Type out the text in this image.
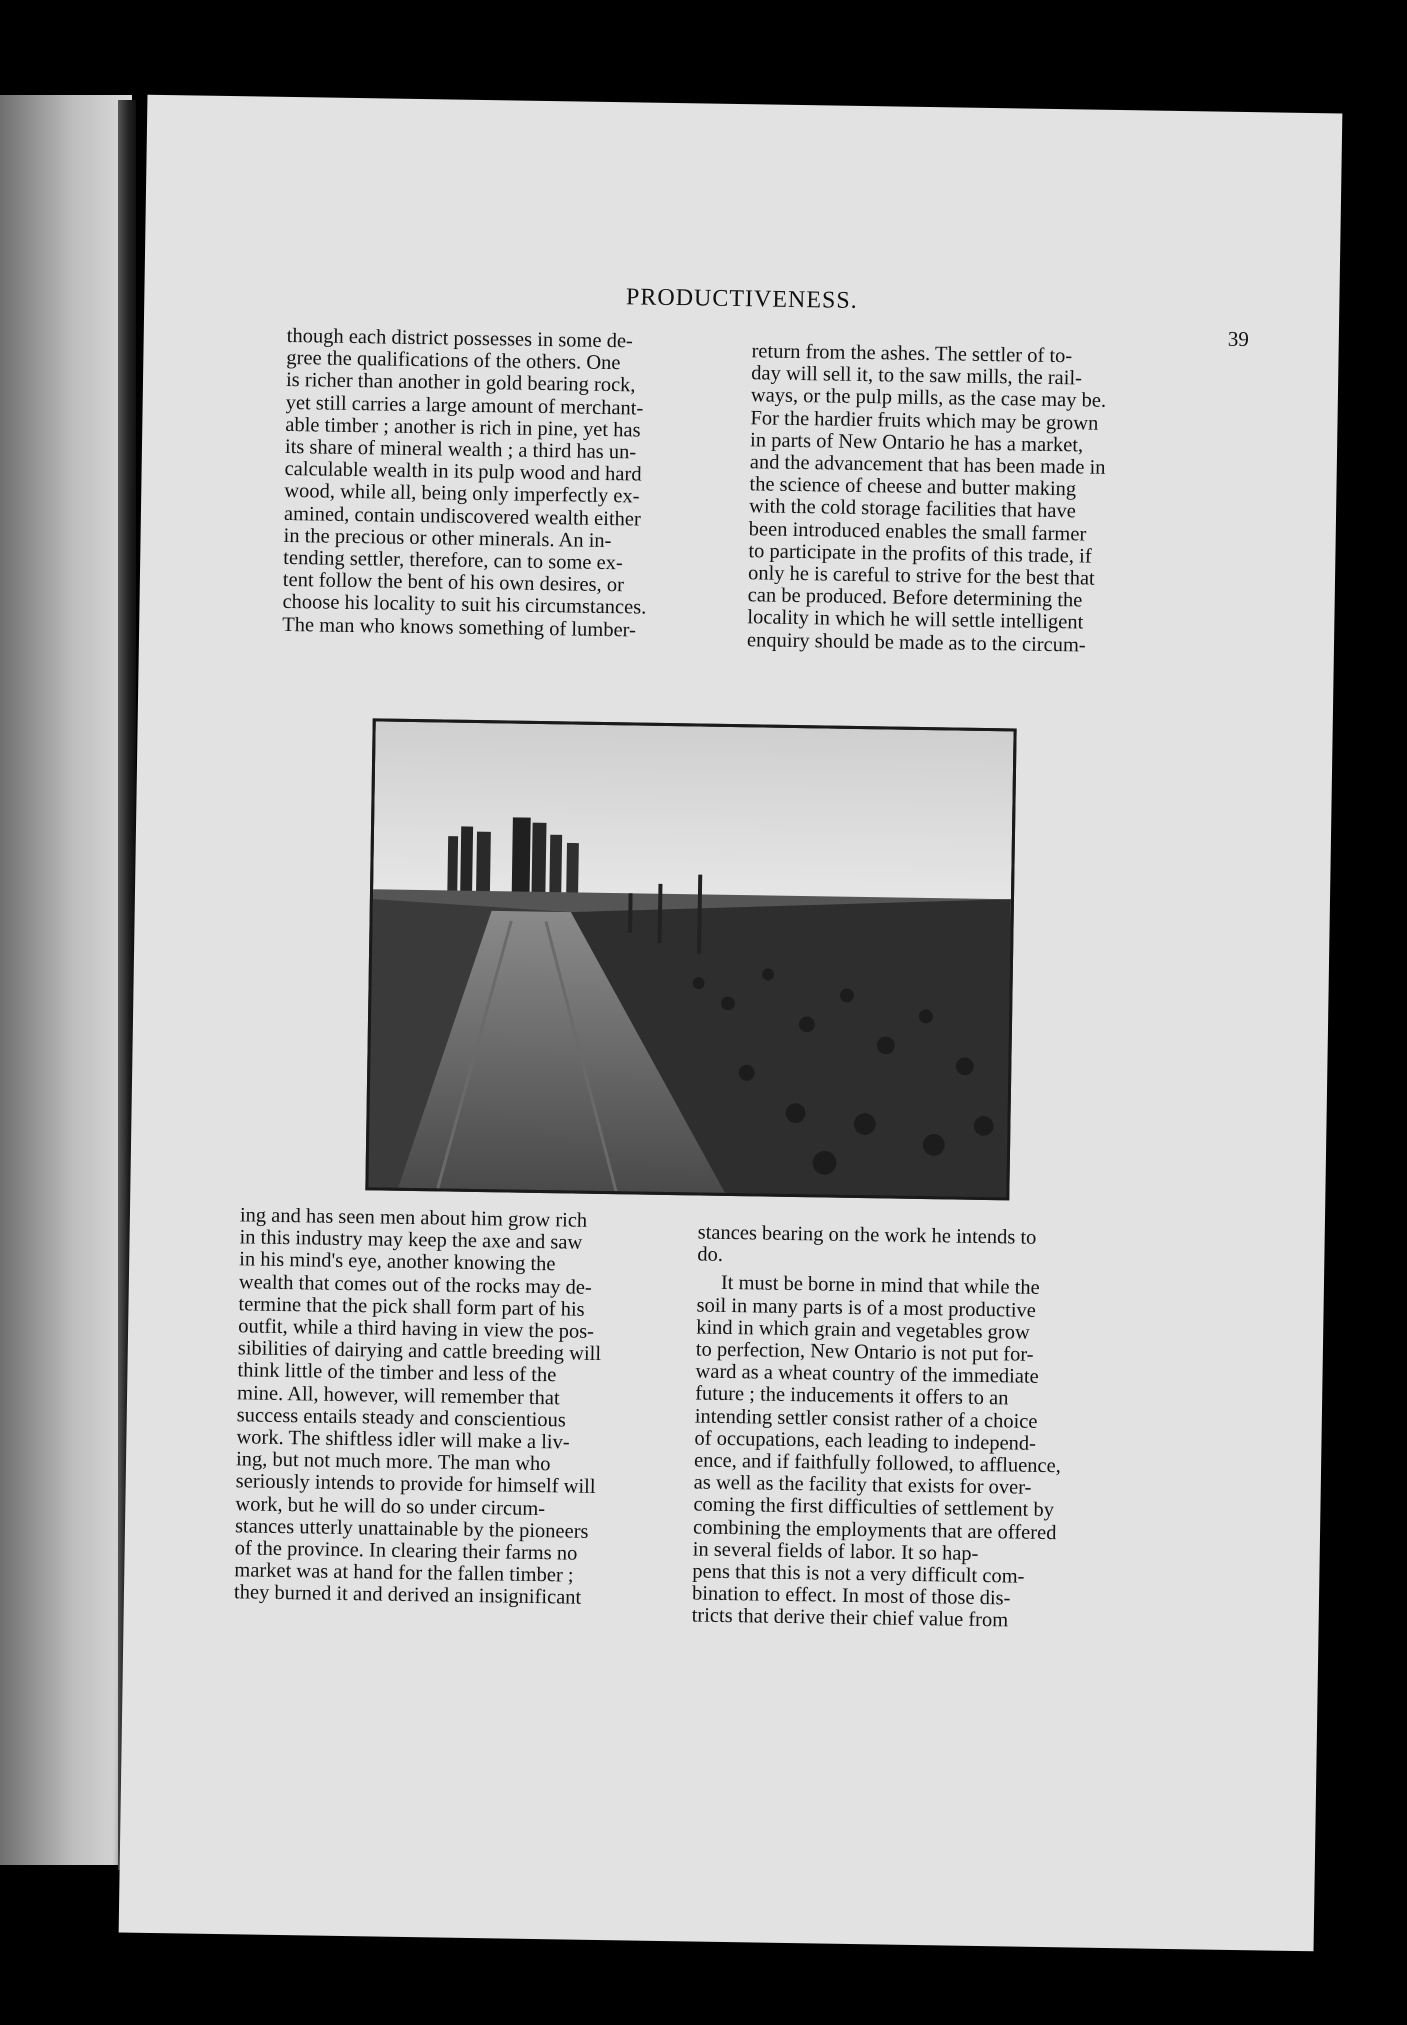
PRODUCTIVENESS.
39

though each district possesses in some de-
gree the qualifications of the others. One
is richer than another in gold bearing rock,
yet still carries a large amount of merchant-
able timber ; another is rich in pine, yet has
its share of mineral wealth ; a third has un-
calculable wealth in its pulp wood and hard
wood, while all, being only imperfectly ex-
amined, contain undiscovered wealth either
in the precious or other minerals. An in-
tending settler, therefore, can to some ex-
tent follow the bent of his own desires, or
choose his locality to suit his circumstances.
The man who knows something of lumber-

return from the ashes. The settler of to-
day will sell it, to the saw mills, the rail-
ways, or the pulp mills, as the case may be.
For the hardier fruits which may be grown
in parts of New Ontario he has a market,
and the advancement that has been made in
the science of cheese and butter making
with the cold storage facilities that have
been introduced enables the small farmer
to participate in the profits of this trade, if
only he is careful to strive for the best that
can be produced. Before determining the
locality in which he will settle intelligent
enquiry should be made as to the circum-

ing and has seen men about him grow rich
in this industry may keep the axe and saw
in his mind's eye, another knowing the
wealth that comes out of the rocks may de-
termine that the pick shall form part of his
outfit, while a third having in view the pos-
sibilities of dairying and cattle breeding will
think little of the timber and less of the
mine. All, however, will remember that
success entails steady and conscientious
work. The shiftless idler will make a liv-
ing, but not much more. The man who
seriously intends to provide for himself will
work, but he will do so under circum-
stances utterly unattainable by the pioneers
of the province. In clearing their farms no
market was at hand for the fallen timber ;
they burned it and derived an insignificant

stances bearing on the work he intends to
do.

It must be borne in mind that while the
soil in many parts is of a most productive
kind in which grain and vegetables grow
to perfection, New Ontario is not put for-
ward as a wheat country of the immediate
future ; the inducements it offers to an
intending settler consist rather of a choice
of occupations, each leading to independ-
ence, and if faithfully followed, to affluence,
as well as the facility that exists for over-
coming the first difficulties of settlement by
combining the employments that are offered
in several fields of labor. It so hap-
pens that this is not a very difficult com-
bination to effect. In most of those dis-
tricts that derive their chief value from
